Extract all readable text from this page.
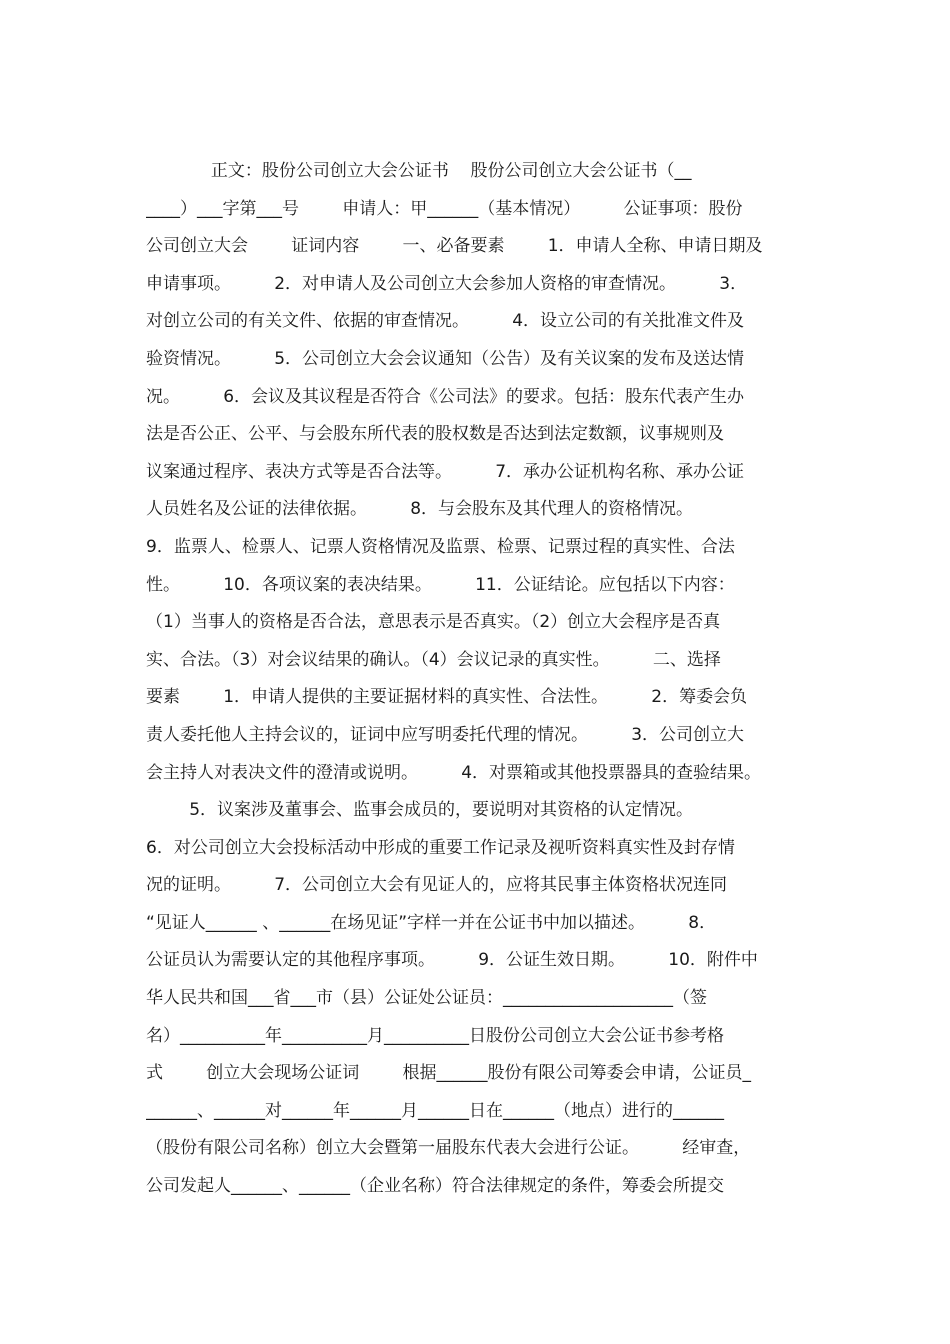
正文：股份公司创立大会公证书    股份公司创立大会公证书（__
____）___字第___号        申请人：甲______（基本情况）        公证事项：股份
公司创立大会        证词内容        一、必备要素        1．申请人全称、申请日期及
申请事项。        2．对申请人及公司创立大会参加人资格的审查情况。        3．
对创立公司的有关文件、依据的审查情况。        4．设立公司的有关批准文件及
验资情况。        5．公司创立大会会议通知（公告）及有关议案的发布及送达情
况。        6．会议及其议程是否符合《公司法》的要求。包括：股东代表产生办
法是否公正、公平、与会股东所代表的股权数是否达到法定数额，议事规则及
议案通过程序、表决方式等是否合法等。        7．承办公证机构名称、承办公证
人员姓名及公证的法律依据。        8．与会股东及其代理人的资格情况。
9．监票人、检票人、记票人资格情况及监票、检票、记票过程的真实性、合法
性。        10．各项议案的表决结果。        11．公证结论。应包括以下内容：
（1）当事人的资格是否合法，意思表示是否真实。（2）创立大会程序是否真
实、合法。（3）对会议结果的确认。（4）会议记录的真实性。        二、选择
要素        1．申请人提供的主要证据材料的真实性、合法性。        2．筹委会负
责人委托他人主持会议的，证词中应写明委托代理的情况。        3．公司创立大
会主持人对表决文件的澄清或说明。        4．对票箱或其他投票器具的查验结果。
5．议案涉及董事会、监事会成员的，要说明对其资格的认定情况。
6．对公司创立大会投标活动中形成的重要工作记录及视听资料真实性及封存情
况的证明。        7．公司创立大会有见证人的，应将其民事主体资格状况连同
“见证人______ 、______在场见证”字样一并在公证书中加以描述。        8．
公证员认为需要认定的其他程序事项。        9．公证生效日期。        10．附件中
华人民共和国___省___市（县）公证处公证员：____________________（签
名）__________年__________月__________日股份公司创立大会公证书参考格
式        创立大会现场公证词        根据______股份有限公司筹委会申请，公证员_
______、______对______年______月______日在______（地点）进行的______
（股份有限公司名称）创立大会暨第一届股东代表大会进行公证。        经审查，
公司发起人______、______（企业名称）符合法律规定的条件，筹委会所提交
